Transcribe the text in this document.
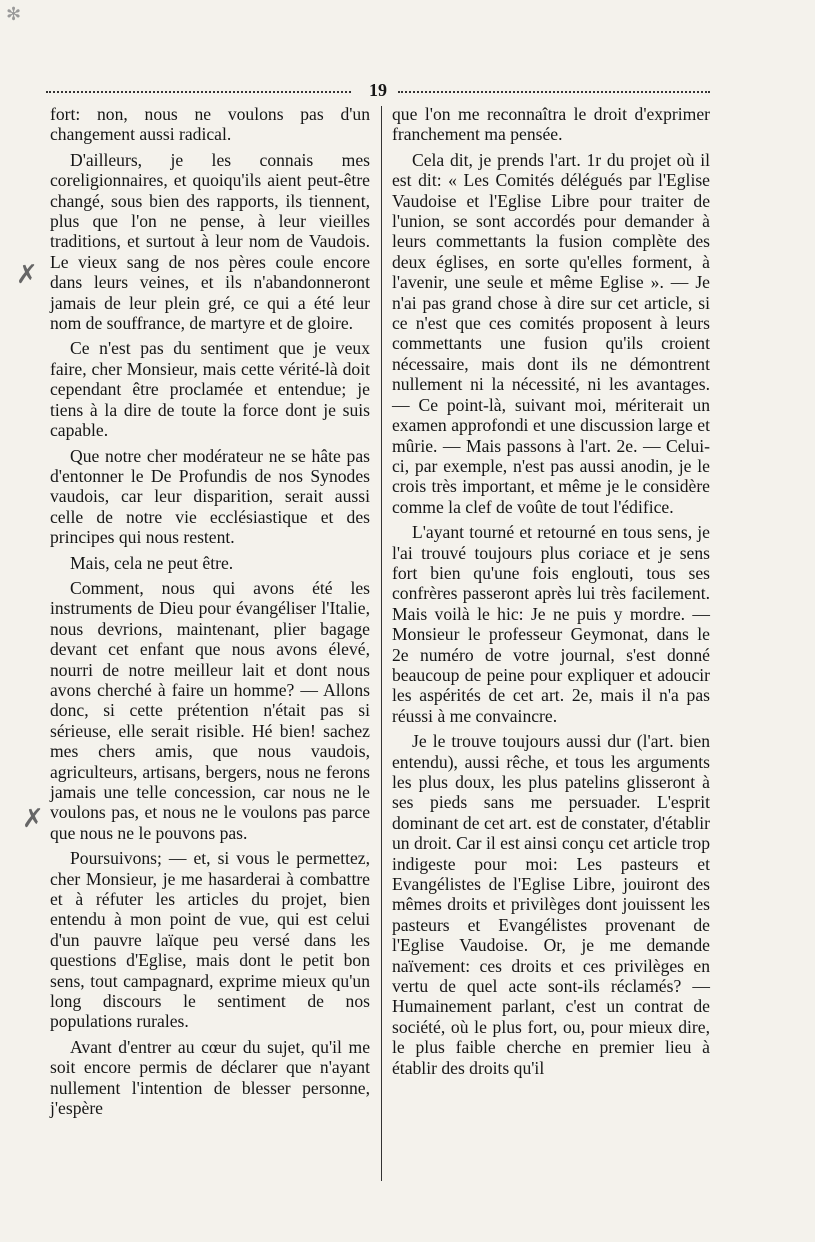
✻
19

fort: non, nous ne voulons pas d'un changement aussi radical.

D'ailleurs, je les connais mes coreligionnaires, et quoiqu'ils aient peut-être changé, sous bien des rapports, ils tiennent, plus que l'on ne pense, à leur vieilles traditions, et surtout à leur nom de Vaudois. Le vieux sang de nos pères coule encore dans leurs veines, et ils n'abandonneront jamais de leur plein gré, ce qui a été leur nom de souffrance, de martyre et de gloire.

Ce n'est pas du sentiment que je veux faire, cher Monsieur, mais cette vérité-là doit cependant être proclamée et entendue; je tiens à la dire de toute la force dont je suis capable.

Que notre cher modérateur ne se hâte pas d'entonner le De Profundis de nos Synodes vaudois, car leur disparition, serait aussi celle de notre vie ecclésiastique et des principes qui nous restent.

Mais, cela ne peut être.

Comment, nous qui avons été les instruments de Dieu pour évangéliser l'Italie, nous devrions, maintenant, plier bagage devant cet enfant que nous avons élevé, nourri de notre meilleur lait et dont nous avons cherché à faire un homme? — Allons donc, si cette prétention n'était pas si sérieuse, elle serait risible. Hé bien! sachez mes chers amis, que nous vaudois, agriculteurs, artisans, bergers, nous ne ferons jamais une telle concession, car nous ne le voulons pas, et nous ne le voulons pas parce que nous ne le pouvons pas.

Poursuivons; — et, si vous le permettez, cher Monsieur, je me hasarderai à combattre et à réfuter les articles du projet, bien entendu à mon point de vue, qui est celui d'un pauvre laïque peu versé dans les questions d'Eglise, mais dont le petit bon sens, tout campagnard, exprime mieux qu'un long discours le sentiment de nos populations rurales.

Avant d'entrer au cœur du sujet, qu'il me soit encore permis de déclarer que n'ayant nullement l'intention de blesser personne, j'espère

que l'on me reconnaîtra le droit d'exprimer franchement ma pensée.

Cela dit, je prends l'art. 1r du projet où il est dit: « Les Comités délégués par l'Eglise Vaudoise et l'Eglise Libre pour traiter de l'union, se sont accordés pour demander à leurs commettants la fusion complète des deux églises, en sorte qu'elles forment, à l'avenir, une seule et même Eglise ». — Je n'ai pas grand chose à dire sur cet article, si ce n'est que ces comités proposent à leurs commettants une fusion qu'ils croient nécessaire, mais dont ils ne démontrent nullement ni la nécessité, ni les avantages. — Ce point-là, suivant moi, mériterait un examen approfondi et une discussion large et mûrie. — Mais passons à l'art. 2e. — Celui-ci, par exemple, n'est pas aussi anodin, je le crois très important, et même je le considère comme la clef de voûte de tout l'édifice.

L'ayant tourné et retourné en tous sens, je l'ai trouvé toujours plus coriace et je sens fort bien qu'une fois englouti, tous ses confrères passeront après lui très facilement. Mais voilà le hic: Je ne puis y mordre. — Monsieur le professeur Geymonat, dans le 2e numéro de votre journal, s'est donné beaucoup de peine pour expliquer et adoucir les aspérités de cet art. 2e, mais il n'a pas réussi à me convaincre.

Je le trouve toujours aussi dur (l'art. bien entendu), aussi rêche, et tous les arguments les plus doux, les plus patelins glisseront à ses pieds sans me persuader. L'esprit dominant de cet art. est de constater, d'établir un droit. Car il est ainsi conçu cet article trop indigeste pour moi: Les pasteurs et Evangélistes de l'Eglise Libre, jouiront des mêmes droits et privilèges dont jouissent les pasteurs et Evangélistes provenant de l'Eglise Vaudoise. Or, je me demande naïvement: ces droits et ces privilèges en vertu de quel acte sont-ils réclamés? — Humainement parlant, c'est un contrat de société, où le plus fort, ou, pour mieux dire, le plus faible cherche en premier lieu à établir des droits qu'il

✗
✗
